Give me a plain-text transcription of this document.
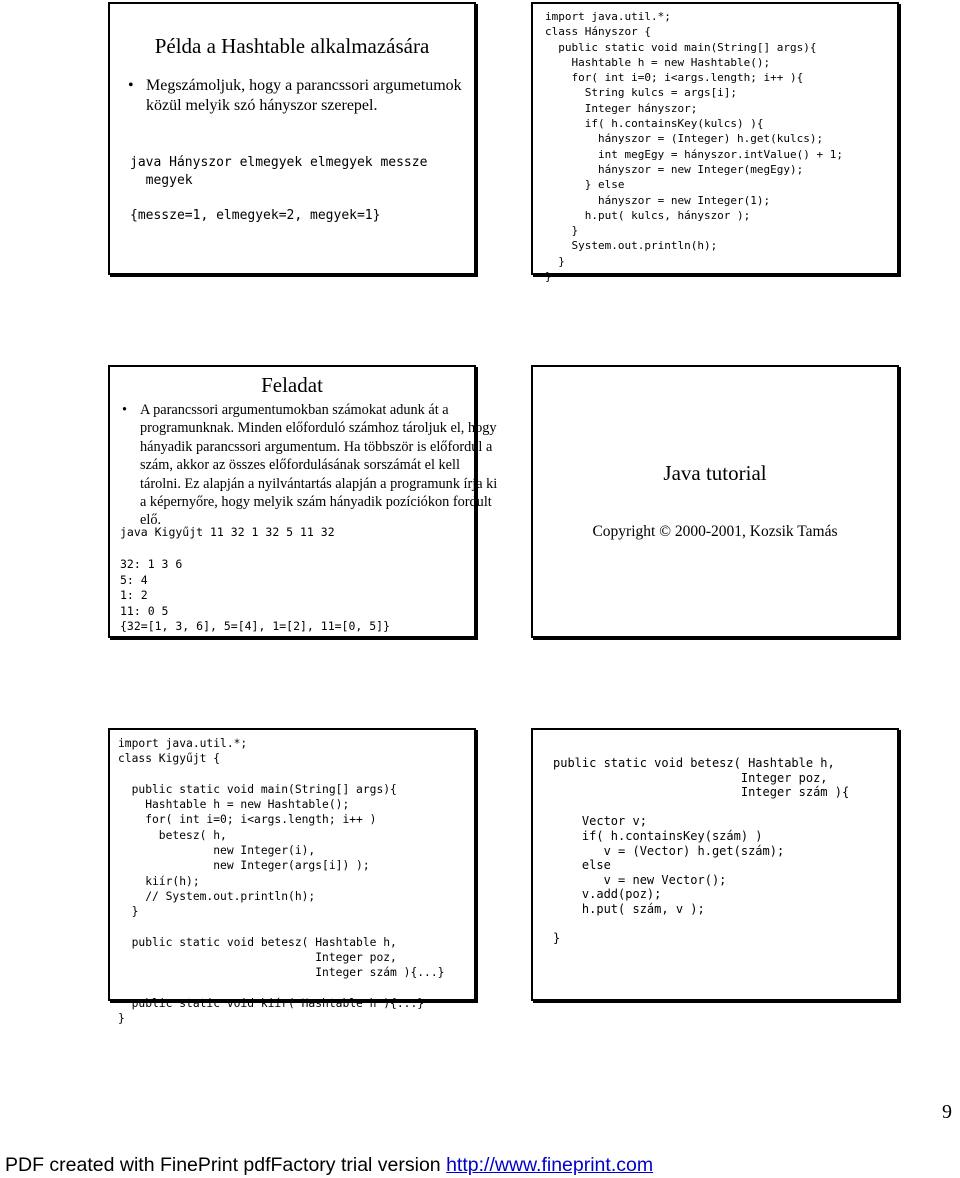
Példa a Hashtable alkalmazására
• Megszámoljuk, hogy a parancssori argumetumok közül melyik szó hányszor szerepel.
java Hányszor elmegyek elmegyek messze
megyek
{messze=1, elmegyek=2, megyek=1}
import java.util.*;
class Hányszor {
public static void main(String[] args){
Hashtable h = new Hashtable();
for( int i=0; i<args.length; i++ ){
String kulcs = args[i];
Integer hányszor;
if( h.containsKey(kulcs) ){
hányszor = (Integer) h.get(kulcs);
int megEgy = hányszor.intValue() + 1;
hányszor = new Integer(megEgy);
} else
hányszor = new Integer(1);
h.put( kulcs, hányszor );
}
System.out.println(h);
}
}
Feladat
• A parancssori argumentumokban számokat adunk át a programunknak. Minden előforduló számhoz tároljuk el, hogy hányadik parancssori argumentum. Ha többször is előfordul a szám, akkor az összes előfordulásának sorszámát el kell tárolni. Ez alapján a nyilvántartás alapján a programunk írja ki a képernyőre, hogy melyik szám hányadik pozíciókon fordult elő.
java Kigyűjt 11 32 1 32 5 11 32
32: 1 3 6
5: 4
1: 2
11: 0 5
{32=[1, 3, 6], 5=[4], 1=[2], 11=[0, 5]}
Java tutorial
Copyright © 2000-2001, Kozsik Tamás
import java.util.*;
class Kigyűjt {

public static void main(String[] args){
Hashtable h = new Hashtable();
for( int i=0; i<args.length; i++ )
betesz( h,
new Integer(i),
new Integer(args[i]) );
kiír(h);
// System.out.println(h);
}

public static void betesz( Hashtable h,
Integer poz,
Integer szám ){...}

public static void kiír( Hashtable h ){...}
}
public static void betesz( Hashtable h,
Integer poz,
Integer szám ){

Vector v;
if( h.containsKey(szám) )
v = (Vector) h.get(szám);
else
v = new Vector();
v.add(poz);
h.put( szám, v );

}
9
PDF created with FinePrint pdfFactory trial version http://www.fineprint.com
